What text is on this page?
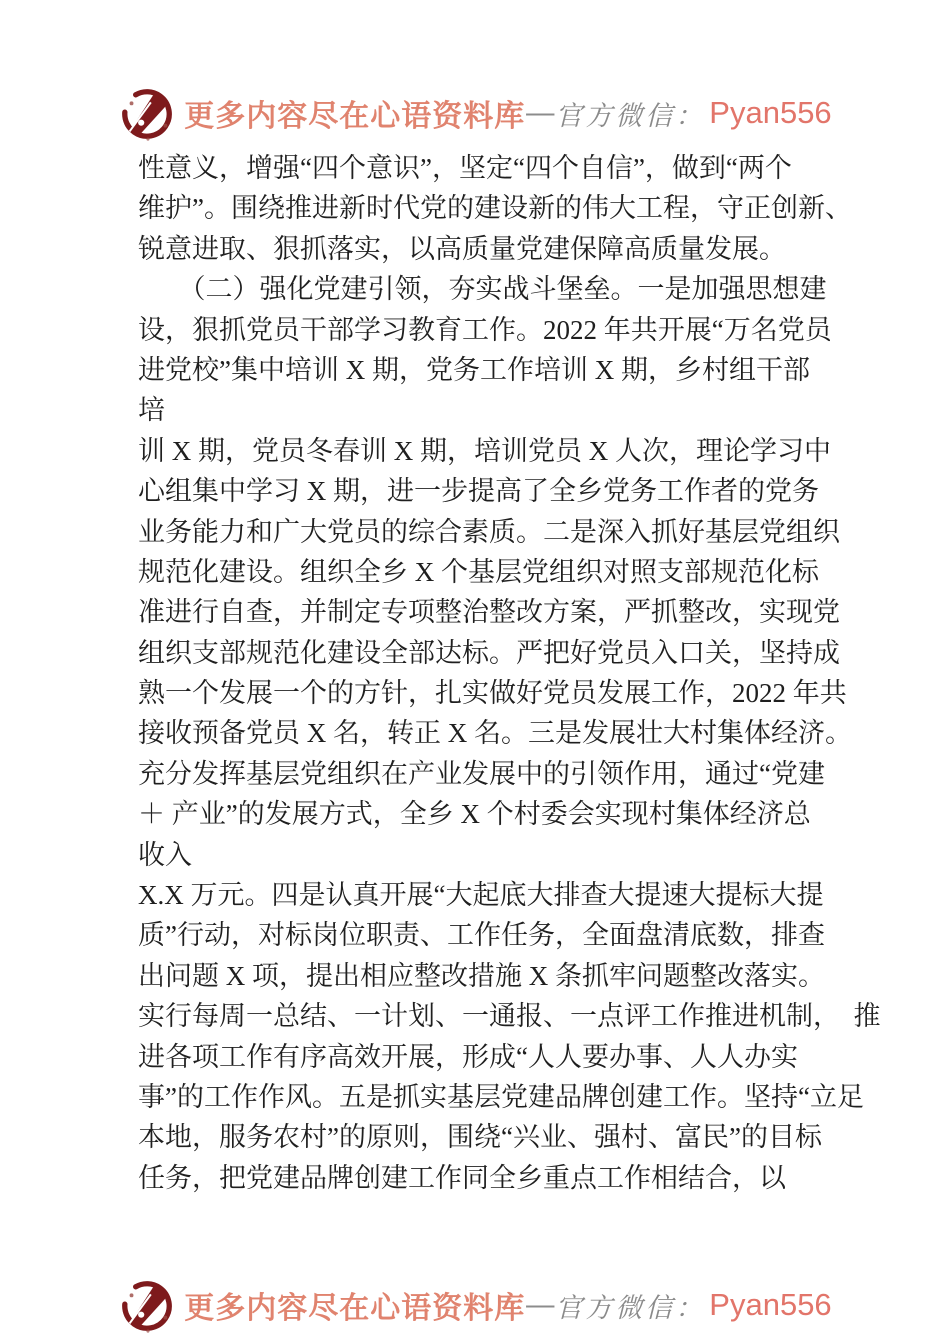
更多内容尽在心语资料库 — 官方微信： Pyan556
性意义，增强“四个意识”，坚定“四个自信”，做到“两个
维护”。围绕推进新时代党的建设新的伟大工程，守正创新、
锐意进取、狠抓落实，以高质量党建保障高质量发展。
　　（二）强化党建引领，夯实战斗堡垒。一是加强思想建
设，狠抓党员干部学习教育工作。2022 年共开展“万名党员
进党校”集中培训 X 期，党务工作培训 X 期，乡村组干部
培
训 X 期，党员冬春训 X 期，培训党员 X 人次，理论学习中
心组集中学习 X 期，进一步提高了全乡党务工作者的党务
业务能力和广大党员的综合素质。二是深入抓好基层党组织
规范化建设。组织全乡 X 个基层党组织对照支部规范化标
准进行自查，并制定专项整治整改方案，严抓整改，实现党
组织支部规范化建设全部达标。严把好党员入口关，坚持成
熟一个发展一个的方针，扎实做好党员发展工作，2022 年共
接收预备党员 X 名，转正 X 名。三是发展壮大村集体经济。
充分发挥基层党组织在产业发展中的引领作用，通过“党建
＋ 产业”的发展方式，全乡 X 个村委会实现村集体经济总
收入
X.X 万元。四是认真开展“大起底大排查大提速大提标大提
质”行动，对标岗位职责、工作任务，全面盘清底数，排查
出问题 X 项，提出相应整改措施 X 条抓牢问题整改落实。
实行每周一总结、一计划、一通报、一点评工作推进机制，　推
进各项工作有序高效开展，形成“人人要办事、人人办实
事”的工作作风。五是抓实基层党建品牌创建工作。坚持“立足
本地，服务农村”的原则，围绕“兴业、强村、富民”的目标
任务，把党建品牌创建工作同全乡重点工作相结合，以
更多内容尽在心语资料库 — 官方微信： Pyan556
